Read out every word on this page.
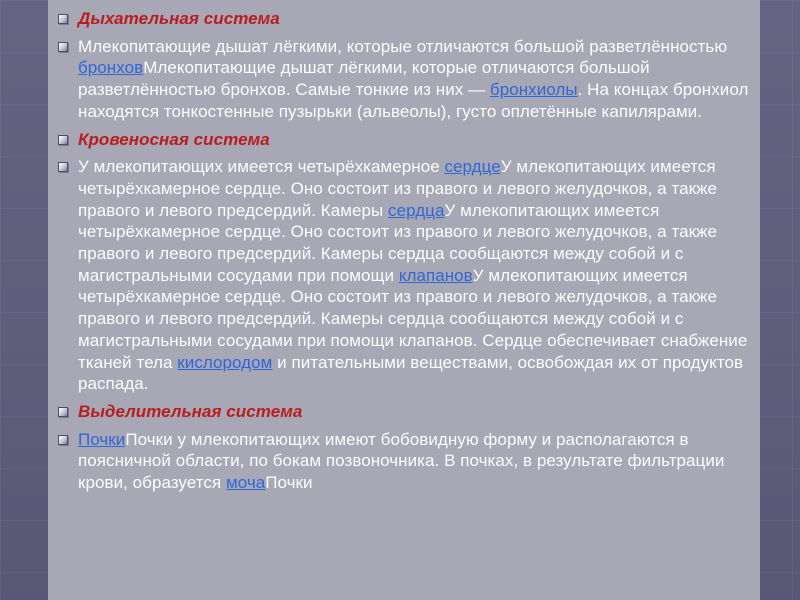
Дыхательная система
Млекопитающие дышат лёгкими, которые отличаются большой разветлённостью бронховМлекопитающие дышат лёгкими, которые отличаются большой разветлённостью бронхов. Самые тонкие из них — бронхиолы. На концах бронхиол находятся тонкостенные пузырьки (альвеолы), густо оплетённые капилярами.
Кровеносная система
У млекопитающих имеется четырёхкамерное сердцеУ млекопитающих имеется четырёхкамерное сердце. Оно состоит из правого и левого желудочков, а также правого и левого предсердий. Камеры сердцаУ млекопитающих имеется четырёхкамерное сердце. Оно состоит из правого и левого желудочков, а также правого и левого предсердий. Камеры сердца сообщаются между собой и с магистральными сосудами при помощи клапановУ млекопитающих имеется четырёхкамерное сердце. Оно состоит из правого и левого желудочков, а также правого и левого предсердий. Камеры сердца сообщаются между собой и с магистральными сосудами при помощи клапанов. Сердце обеспечивает снабжение тканей тела кислородом и питательными веществами, освобождая их от продуктов распада.
Выделительная система
ПочкиПочки у млекопитающих имеют бобовидную форму и располагаются в поясничной области, по бокам позвоночника. В почках, в результате фильтрации крови, образуется мочаПочки
